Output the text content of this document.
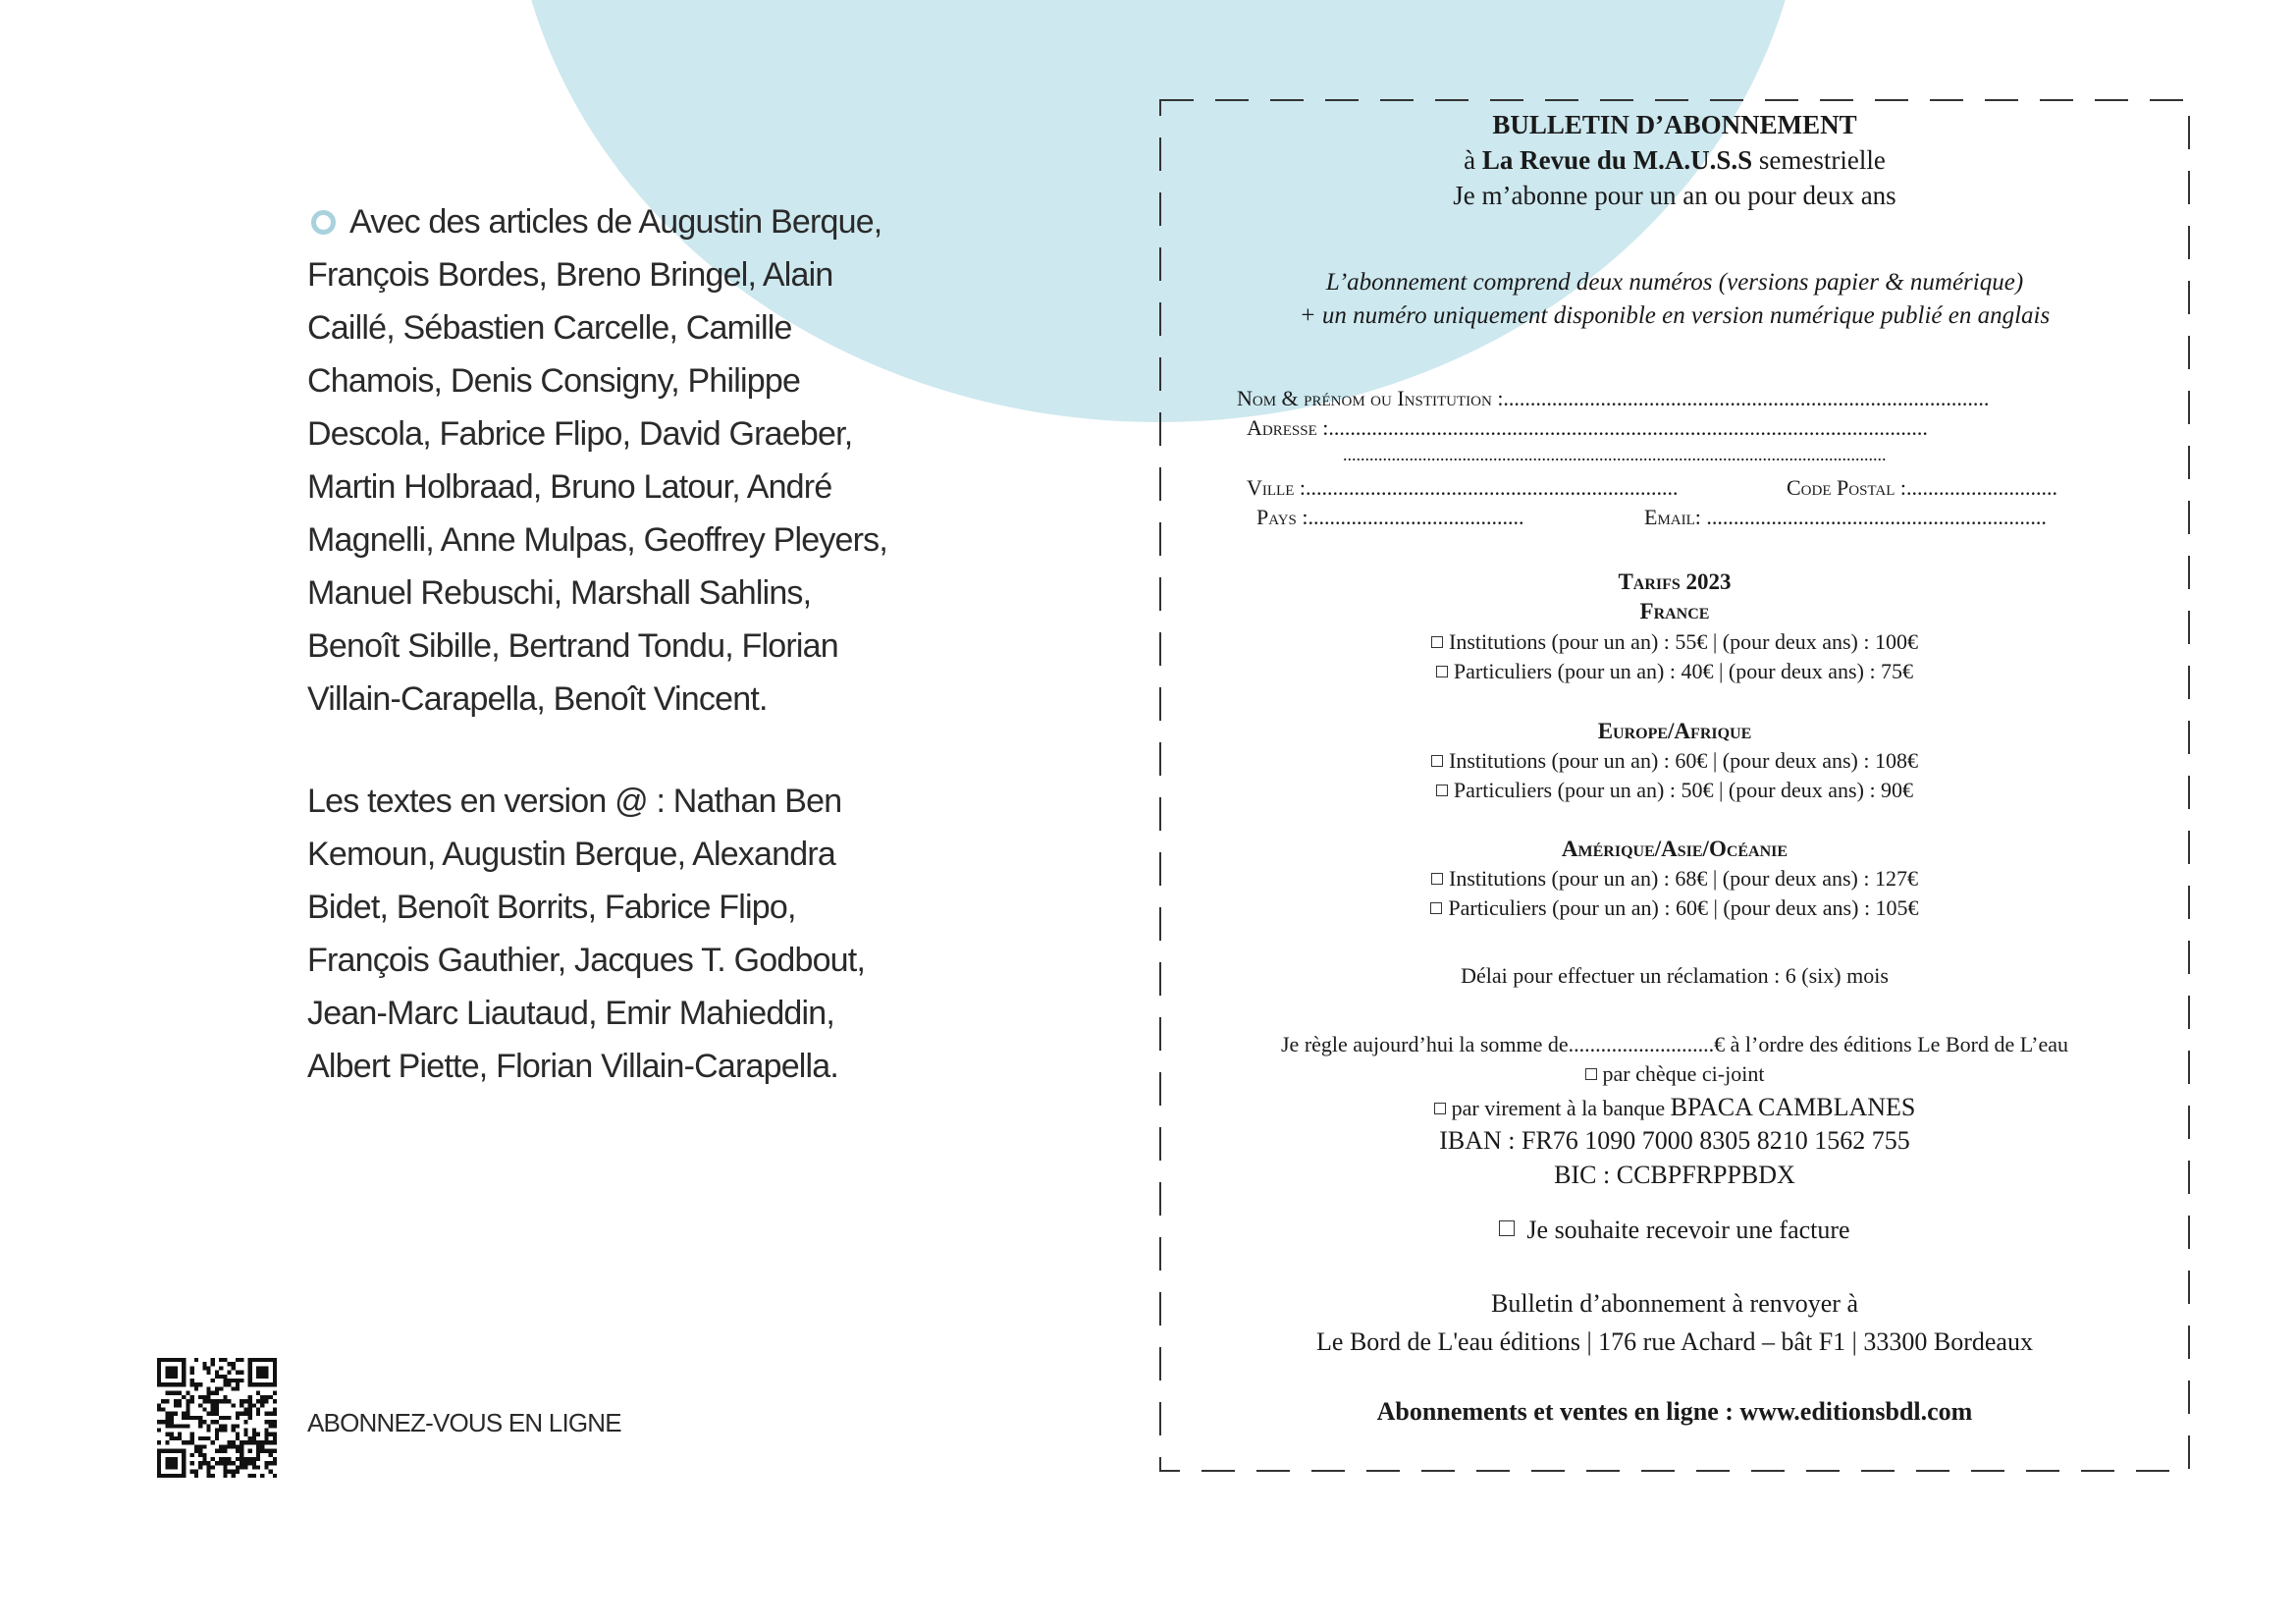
Avec des articles de Augustin Berque, François Bordes, Breno Bringel, Alain Caillé, Sébastien Carcelle, Camille Chamois, Denis Consigny, Philippe Descola, Fabrice Flipo, David Graeber, Martin Holbraad, Bruno Latour, André Magnelli, Anne Mulpas, Geoffrey Pleyers, Manuel Rebuschi, Marshall Sahlins, Benoît Sibille, Bertrand Tondu, Florian Villain-Carapella, Benoît Vincent.
Les textes en version @ : Nathan Ben Kemoun, Augustin Berque, Alexandra Bidet, Benoît Borrits, Fabrice Flipo, François Gauthier, Jacques T. Godbout, Jean-Marc Liautaud, Emir Mahieddin, Albert Piette, Florian Villain-Carapella.
ABONNEZ-VOUS EN LIGNE
BULLETIN D’ABONNEMENT
à La Revue du M.A.U.S.S semestrielle
Je m’abonne pour un an ou pour deux ans
L’abonnement comprend deux numéros (versions papier & numérique)
+ un numéro uniquement disponible en version numérique publié en anglais
Nom & prénom ou Institution :..........................................................................................
Adresse :...............................................................................................................
...........................................................................................................................
Ville :.....................................................................	Code Postal :............................
Pays :........................................	Email: ...............................................................
Tarifs 2023
France
Institutions (pour un an) : 55€ | (pour deux ans) : 100€
Particuliers (pour un an) : 40€ | (pour deux ans) : 75€
Europe/Afrique
Institutions (pour un an) : 60€ | (pour deux ans) : 108€
Particuliers (pour un an) : 50€ | (pour deux ans) : 90€
Amérique/Asie/Océanie
Institutions (pour un an) : 68€ | (pour deux ans) : 127€
Particuliers (pour un an) : 60€ | (pour deux ans) : 105€
Délai pour effectuer un réclamation : 6 (six) mois
Je règle aujourd’hui la somme de...........................€ à l’ordre des éditions Le Bord de L’eau
par chèque ci-joint
par virement à la banque BPACA CAMBLANES
IBAN : FR76 1090 7000 8305 8210 1562 755
BIC : CCBPFRPPBDX
Je souhaite recevoir une facture
Bulletin d’abonnement à renvoyer à
Le Bord de L'eau éditions | 176 rue Achard – bât F1 | 33300 Bordeaux
Abonnements et ventes en ligne : www.editionsbdl.com
